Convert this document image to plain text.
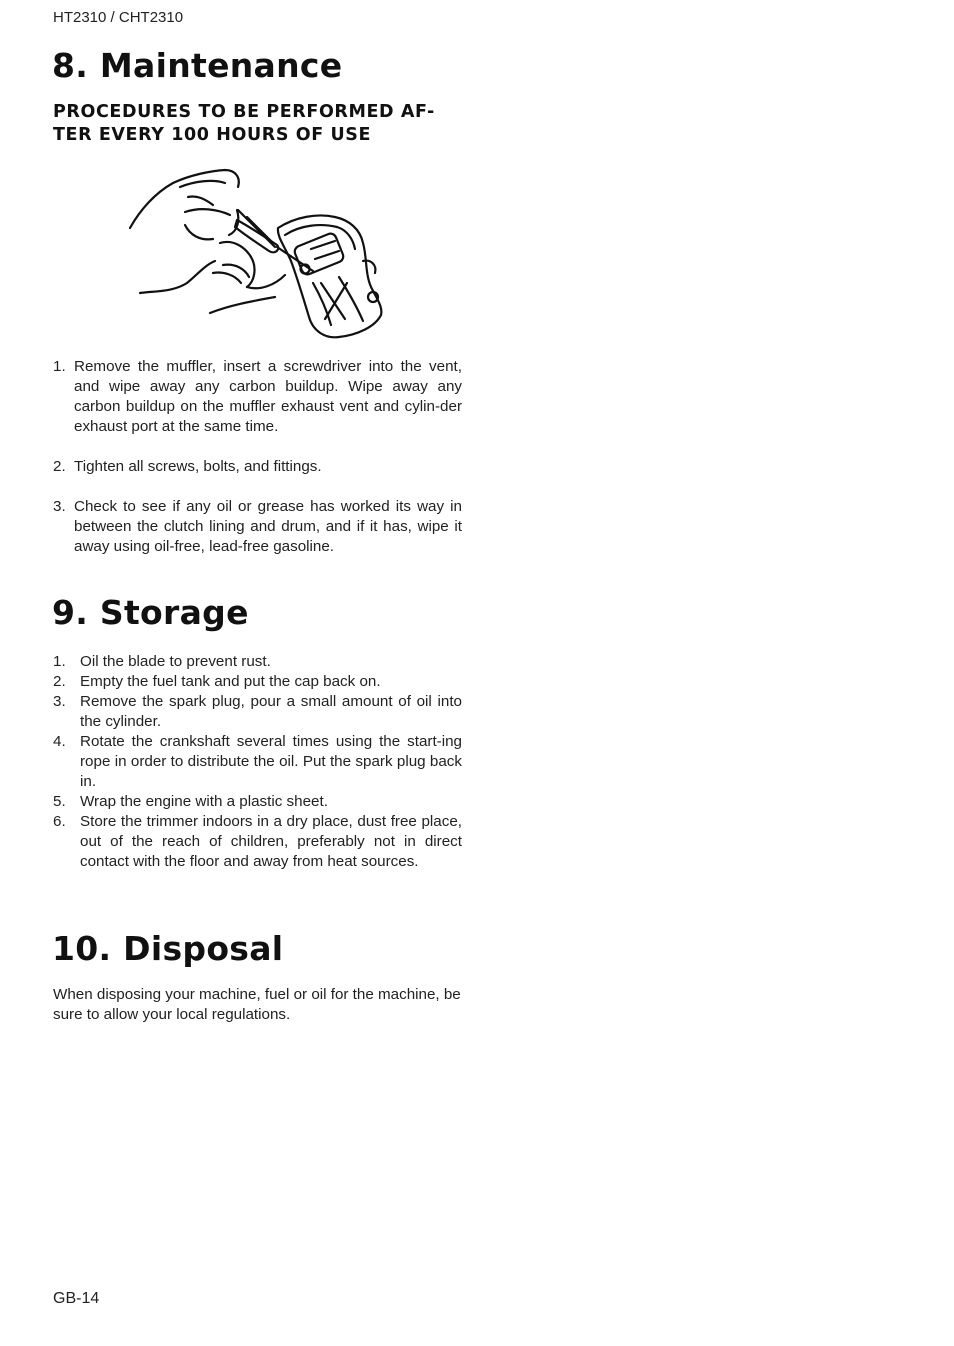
HT2310 / CHT2310
8. Maintenance
PROCEDURES TO BE PERFORMED AF-
TER EVERY 100 HOURS OF USE
1. Remove the muffler, insert a screwdriver into the vent, and wipe away any carbon buildup. Wipe away any carbon buildup on the muffler exhaust vent and cylin-der exhaust port at the same time.
2. Tighten all screws, bolts, and fittings.
3. Check to see if any oil or grease has worked its way in between the clutch lining and drum, and if it has, wipe it away using oil-free, lead-free gasoline.
9. Storage
1. Oil the blade to prevent rust.
2. Empty the fuel tank and put the cap back on.
3. Remove the spark plug, pour a small amount of oil into the cylinder.
4. Rotate the crankshaft several times using the start-ing rope in order to distribute the oil. Put the spark plug back in.
5. Wrap the engine with a plastic sheet.
6. Store the trimmer indoors in a dry place, dust free place, out of the reach of children, preferably not in direct contact with the floor and away from heat sources.
10. Disposal

When disposing your machine, fuel or oil for the machine, be sure to allow your local regulations.

GB-14
